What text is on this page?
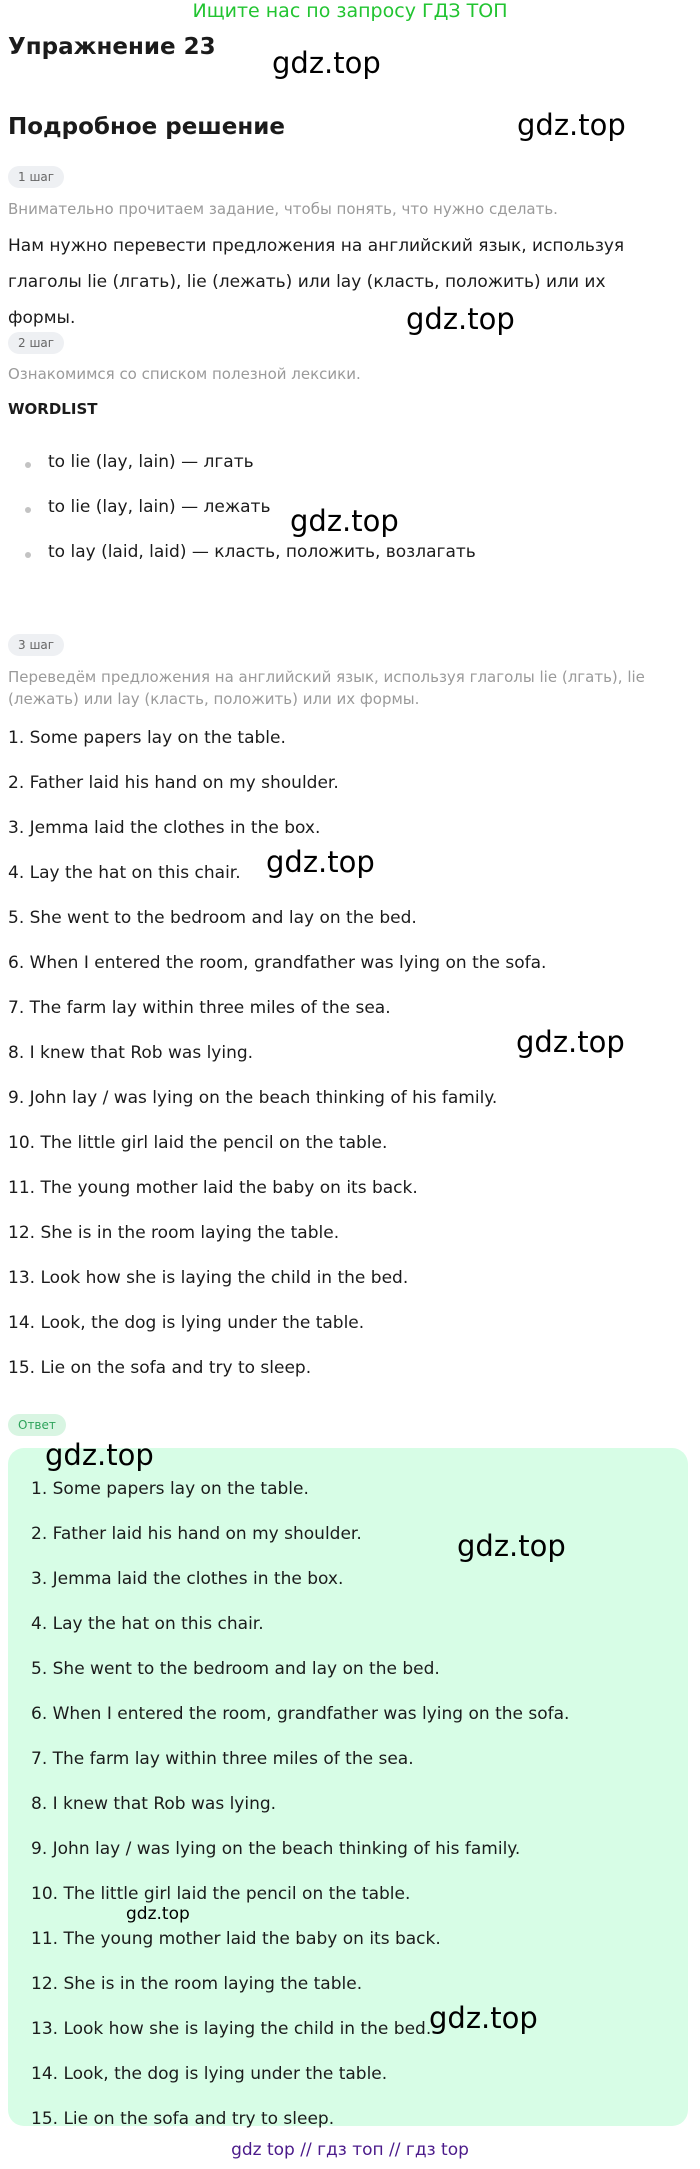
Ищите нас по запросу ГДЗ ТОП
Упражнение 23 gdz.top
Подробное решение	gdz.top
1 шаг
Внимательно прочитаем задание, чтобы понять, что нужно сделать.
Нам нужно перевести предложения на английский язык, используя глаголы lie (лгать), lie (лежать) или lay (класть, положить) или их формы.	gdz.top
2 шаг
Ознакомимся со списком полезной лексики.
WORDLIST
to lie (lay, lain) — лгать
to lie (lay, lain) — лежать
to lay (laid, laid) — класть, положить, возлагать
gdz.top
3 шаг
Переведём предложения на английский язык, используя глаголы lie (лгать), lie (лежать) или lay (класть, положить) или их формы.
1. Some papers lay on the table.
2. Father laid his hand on my shoulder.
3. Jemma laid the clothes in the box.
4. Lay the hat on this chair.
5. She went to the bedroom and lay on the bed.
6. When I entered the room, grandfather was lying on the sofa.
7. The farm lay within three miles of the sea.
8. I knew that Rob was lying.
9. John lay / was lying on the beach thinking of his family.
10. The little girl laid the pencil on the table.
11. The young mother laid the baby on its back.
12. She is in the room laying the table.
13. Look how she is laying the child in the bed.
14. Look, the dog is lying under the table.
15. Lie on the sofa and try to sleep.
gdz.top
gdz.top
Ответ
1. Some papers lay on the table.
2. Father laid his hand on my shoulder.
3. Jemma laid the clothes in the box.
4. Lay the hat on this chair.
5. She went to the bedroom and lay on the bed.
6. When I entered the room, grandfather was lying on the sofa.
7. The farm lay within three miles of the sea.
8. I knew that Rob was lying.
9. John lay / was lying on the beach thinking of his family.
10. The little girl laid the pencil on the table.
11. The young mother laid the baby on its back.
12. She is in the room laying the table.
13. Look how she is laying the child in the bed.
14. Look, the dog is lying under the table.
15. Lie on the sofa and try to sleep.
gdz.top
gdz.top
gdz.top
gdz.top
gdz top // гдз топ // гдз top
